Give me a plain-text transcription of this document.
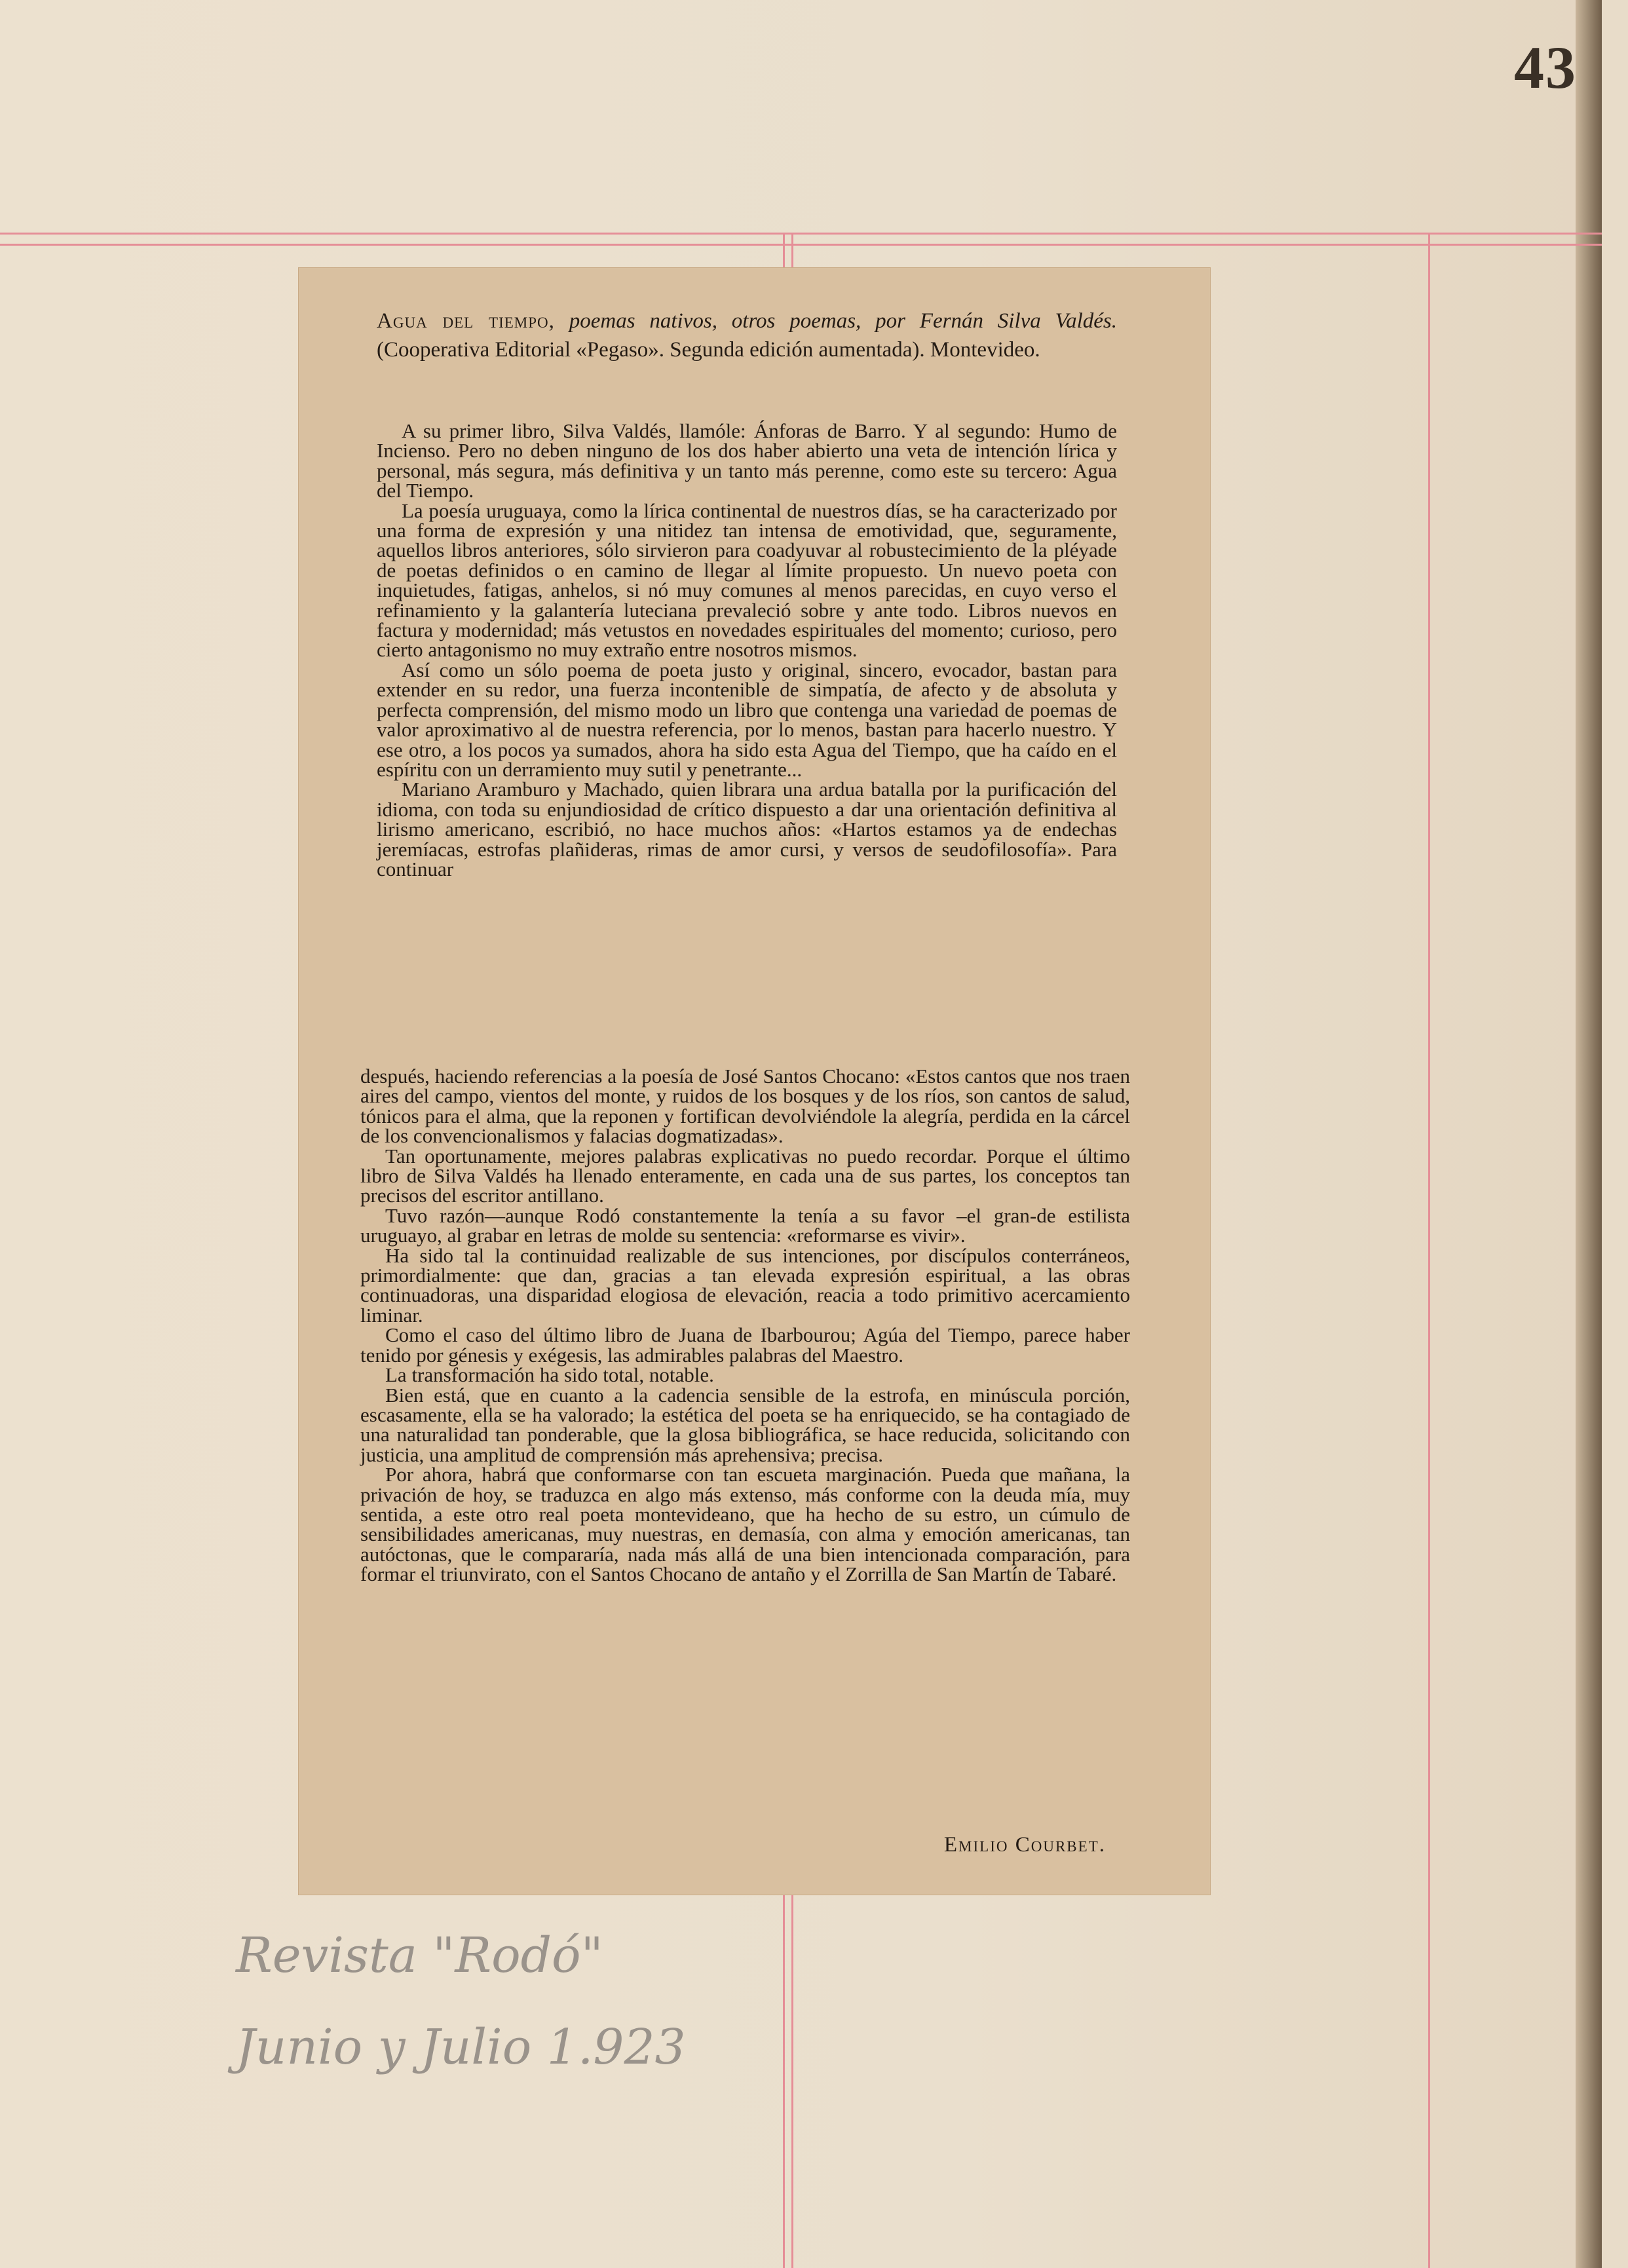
43
Agua del tiempo, poemas nativos, otros poemas, por Fernán Silva Valdés. (Cooperativa Editorial «Pegaso». Segunda edición aumentada). Montevideo.

A su primer libro, Silva Valdés, llamóle: Ánforas de Barro. Y al segundo: Humo de Incienso. Pero no deben ninguno de los dos haber abierto una veta de intención lírica y personal, más segura, más definitiva y un tanto más perenne, como este su tercero: Agua del Tiempo.

La poesía uruguaya, como la lírica continental de nuestros días, se ha caracterizado por una forma de expresión y una nitidez tan intensa de emotividad, que, seguramente, aquellos libros anteriores, sólo sirvieron para coadyuvar al robustecimiento de la pléyade de poetas definidos o en camino de llegar al límite propuesto. Un nuevo poeta con inquietudes, fatigas, anhelos, si nó muy comunes al menos parecidas, en cuyo verso el refinamiento y la galantería luteciana prevaleció sobre y ante todo. Libros nuevos en factura y modernidad; más vetustos en novedades espirituales del momento; curioso, pero cierto antagonismo no muy extraño entre nosotros mismos.

Así como un sólo poema de poeta justo y original, sincero, evocador, bastan para extender en su redor, una fuerza incontenible de simpatía, de afecto y de absoluta y perfecta comprensión, del mismo modo un libro que contenga una variedad de poemas de valor aproximativo al de nuestra referencia, por lo menos, bastan para hacerlo nuestro. Y ese otro, a los pocos ya sumados, ahora ha sido esta Agua del Tiempo, que ha caído en el espíritu con un derramiento muy sutil y penetrante...

Mariano Aramburo y Machado, quien librara una ardua batalla por la purificación del idioma, con toda su enjundiosidad de crítico dispuesto a dar una orientación definitiva al lirismo americano, escribió, no hace muchos años: «Hartos estamos ya de endechas jeremíacas, estrofas plañideras, rimas de amor cursi, y versos de seudofilosofía». Para continuar

después, haciendo referencias a la poesía de José Santos Chocano: «Estos cantos que nos traen aires del campo, vientos del monte, y ruidos de los bosques y de los ríos, son cantos de salud, tónicos para el alma, que la reponen y fortifican devolviéndole la alegría, perdida en la cárcel de los convencionalismos y falacias dogmatizadas».

Tan oportunamente, mejores palabras explicativas no puedo recordar. Porque el último libro de Silva Valdés ha llenado enteramente, en cada una de sus partes, los conceptos tan precisos del escritor antillano.

Tuvo razón—aunque Rodó constantemente la tenía a su favor –el gran-de estilista uruguayo, al grabar en letras de molde su sentencia: «reformarse es vivir».

Ha sido tal la continuidad realizable de sus intenciones, por discípulos conterráneos, primordialmente: que dan, gracias a tan elevada expresión espiritual, a las obras continuadoras, una disparidad elogiosa de elevación, reacia a todo primitivo acercamiento liminar.

Como el caso del último libro de Juana de Ibarbourou; Agúa del Tiempo, parece haber tenido por génesis y exégesis, las admirables palabras del Maestro.

La transformación ha sido total, notable.

Bien está, que en cuanto a la cadencia sensible de la estrofa, en minúscula porción, escasamente, ella se ha valorado; la estética del poeta se ha enriquecido, se ha contagiado de una naturalidad tan ponderable, que la glosa bibliográfica, se hace reducida, solicitando con justicia, una amplitud de comprensión más aprehensiva; precisa.

Por ahora, habrá que conformarse con tan escueta marginación. Pueda que mañana, la privación de hoy, se traduzca en algo más extenso, más conforme con la deuda mía, muy sentida, a este otro real poeta montevideano, que ha hecho de su estro, un cúmulo de sensibilidades americanas, muy nuestras, en demasía, con alma y emoción americanas, tan autóctonas, que le compararía, nada más allá de una bien intencionada comparación, para formar el triunvirato, con el Santos Chocano de antaño y el Zorrilla de San Martín de Tabaré.

Emilio Courbet.
Revista "Rodó"
Junio y Julio 1.923
